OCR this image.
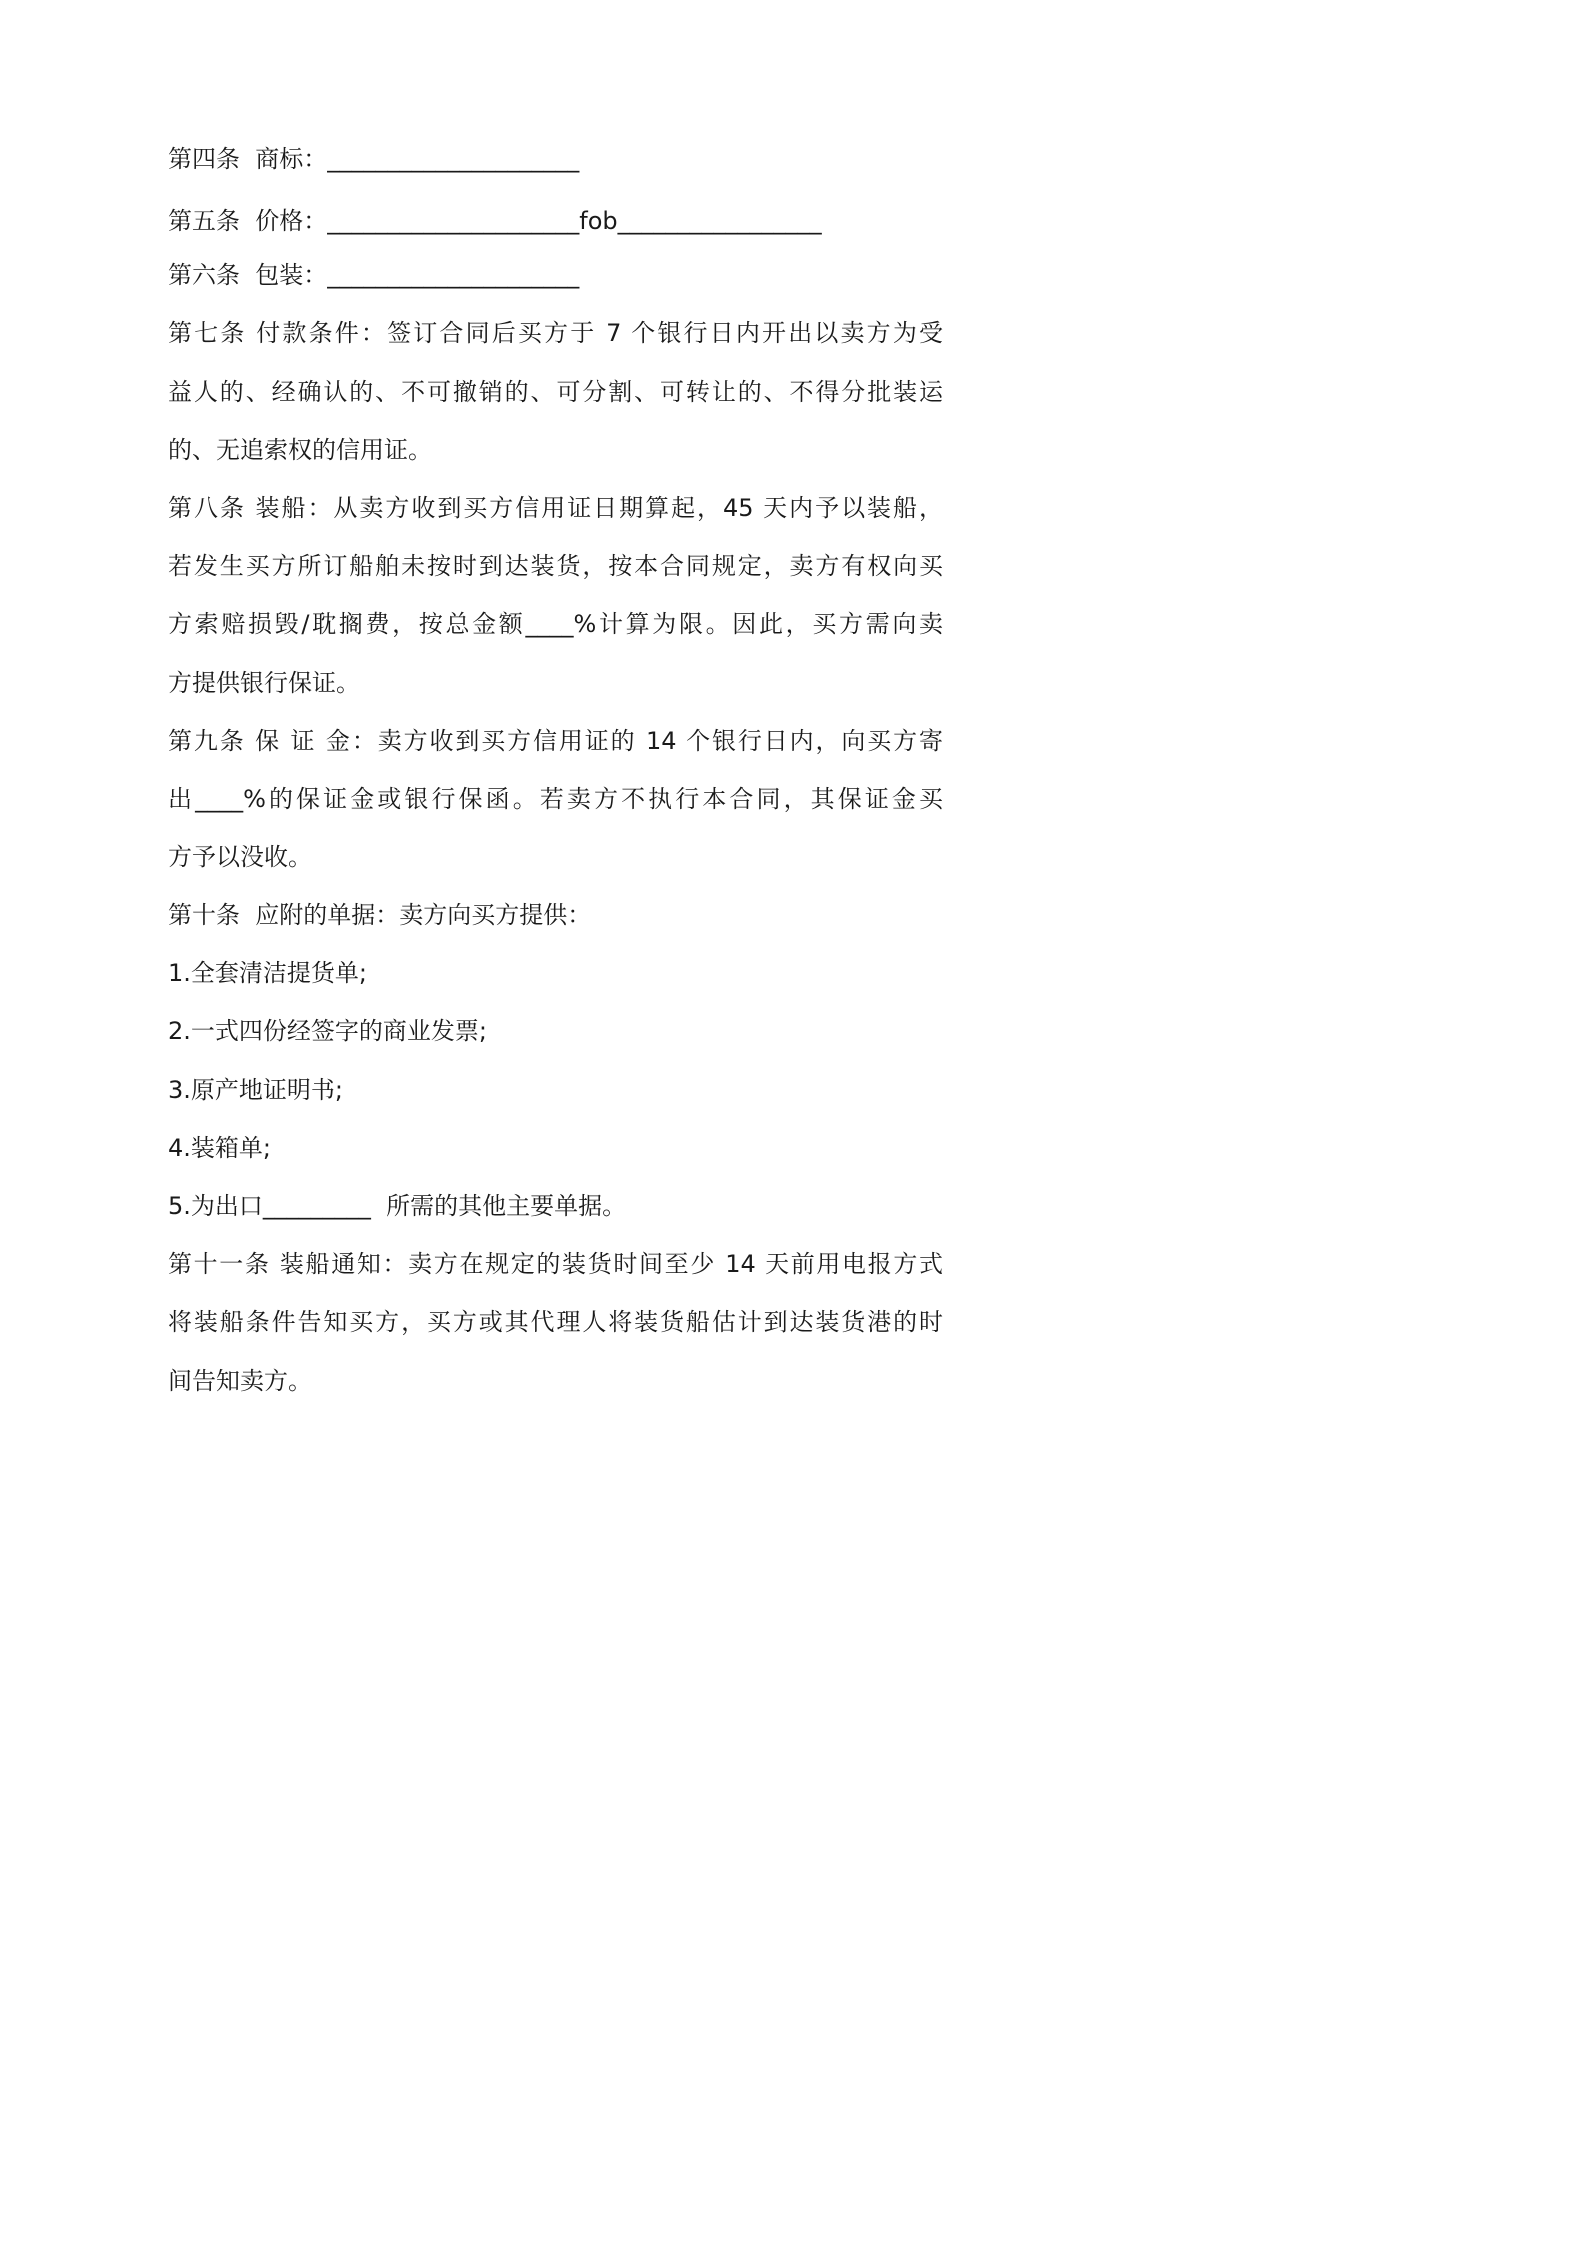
第四条  商标：_____________________
第五条  价格：_____________________fob_________________
第六条  包装：_____________________
第七条 付款条件：签订合同后买方于 7 个银行日内开出以卖方为受
益人的、经确认的、不可撤销的、可分割、可转让的、不得分批装运
的、无追索权的信用证。
第八条 装船：从卖方收到买方信用证日期算起，45 天内予以装船，
若发生买方所订船舶未按时到达装货，按本合同规定，卖方有权向买
方索赔损毁/耽搁费，按总金额____%计算为限。因此，买方需向卖
方提供银行保证。
第九条 保 证 金：卖方收到买方信用证的 14 个银行日内，向买方寄
出____%的保证金或银行保函。若卖方不执行本合同，其保证金买
方予以没收。
第十条  应附的单据：卖方向买方提供：
1.全套清洁提货单;
2.一式四份经签字的商业发票;
3.原产地证明书;
4.装箱单;
5.为出口_________  所需的其他主要单据。
第十一条 装船通知：卖方在规定的装货时间至少 14 天前用电报方式
将装船条件告知买方，买方或其代理人将装货船估计到达装货港的时
间告知卖方。
